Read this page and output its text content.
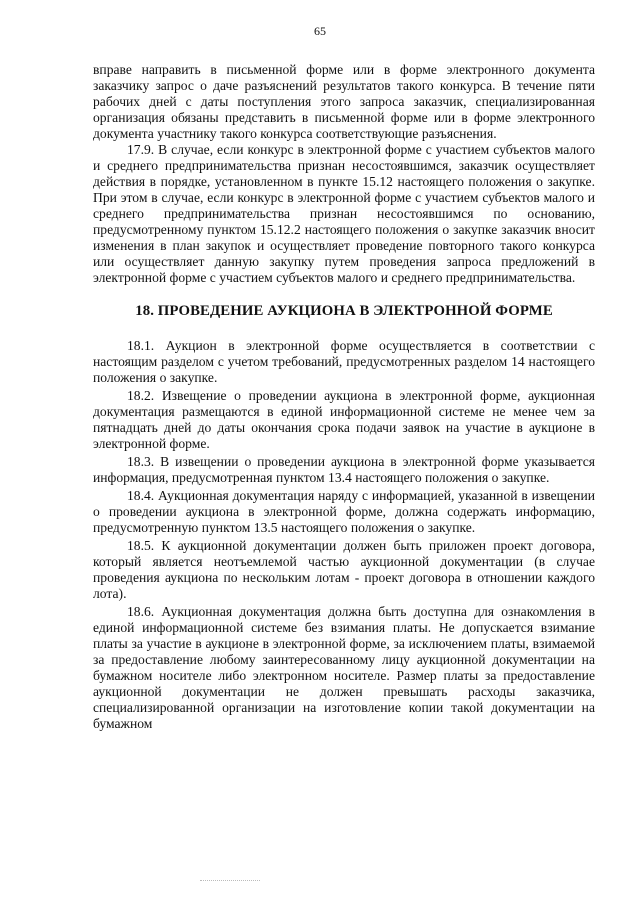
65

вправе направить в письменной форме или в форме электронного документа заказчику запрос о даче разъяснений результатов такого конкурса. В течение пяти рабочих дней с даты поступления этого запроса заказчик, специализированная организация обязаны представить в письменной форме или в форме электронного документа участнику такого конкурса соответствующие разъяснения.

17.9. В случае, если конкурс в электронной форме с участием субъектов малого и среднего предпринимательства признан несостоявшимся, заказчик осуществляет действия в порядке, установленном в пункте 15.12 настоящего положения о закупке. При этом в случае, если конкурс в электронной форме с участием субъектов малого и среднего предпринимательства признан несостоявшимся по основанию, предусмотренному пунктом 15.12.2 настоящего положения о закупке заказчик вносит изменения в план закупок и осуществляет проведение повторного такого конкурса или осуществляет данную закупку путем проведения запроса предложений в электронной форме с участием субъектов малого и среднего предпринимательства.

18. ПРОВЕДЕНИЕ АУКЦИОНА В ЭЛЕКТРОННОЙ ФОРМЕ

18.1. Аукцион в электронной форме осуществляется в соответствии с настоящим разделом с учетом требований, предусмотренных разделом 14 настоящего положения о закупке.

18.2. Извещение о проведении аукциона в электронной форме, аукционная документация размещаются в единой информационной системе не менее чем за пятнадцать дней до даты окончания срока подачи заявок на участие в аукционе в электронной форме.

18.3. В извещении о проведении аукциона в электронной форме указывается информация, предусмотренная пунктом 13.4 настоящего положения о закупке.

18.4. Аукционная документация наряду с информацией, указанной в извещении о проведении аукциона в электронной форме, должна содержать информацию, предусмотренную пунктом 13.5 настоящего положения о закупке.

18.5. К аукционной документации должен быть приложен проект договора, который является неотъемлемой частью аукционной документации (в случае проведения аукциона по нескольким лотам - проект договора в отношении каждого лота).

18.6. Аукционная документация должна быть доступна для ознакомления в единой информационной системе без взимания платы. Не допускается взимание платы за участие в аукционе в электронной форме, за исключением платы, взимаемой за предоставление любому заинтересованному лицу аукционной документации на бумажном носителе либо электронном носителе. Размер платы за предоставление аукционной документации не должен превышать расходы заказчика, специализированной организации на изготовление копии такой документации на бумажном
